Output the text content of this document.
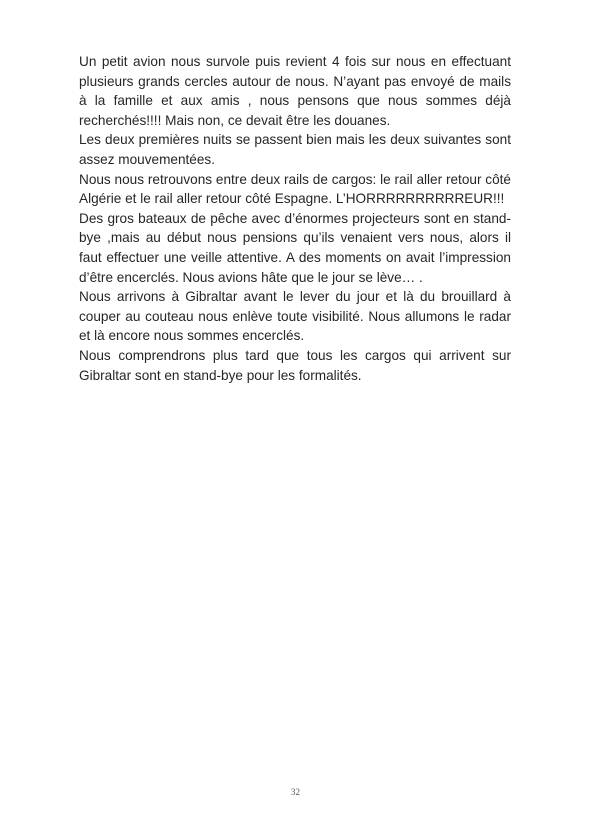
Un petit avion nous survole puis revient 4 fois sur nous en effectuant plusieurs grands cercles autour de nous. N’ayant pas envoyé de mails à la famille et aux amis , nous pensons que nous sommes déjà recherchés!!!! Mais non, ce devait être les douanes.

Les deux premières nuits se passent bien mais les deux suivantes sont assez mouvementées.

Nous nous retrouvons entre deux rails de cargos: le rail aller retour côté Algérie et le rail aller retour côté Espagne. L’HORRRRRRRRRREUR!!!

Des gros bateaux de pêche avec d’énormes projecteurs sont en stand-bye ,mais au début nous pensions qu’ils venaient vers nous, alors il faut effectuer une veille attentive. A des moments on avait l’impression d’être encerclés. Nous avions hâte que le jour se lève… .

Nous arrivons à Gibraltar avant le lever du jour et là du brouillard à couper au couteau nous enlève toute visibilité. Nous allumons le radar et là encore nous sommes encerclés.

Nous comprendrons plus tard que tous les cargos qui arrivent sur Gibraltar sont en stand-bye pour les formalités.

32
